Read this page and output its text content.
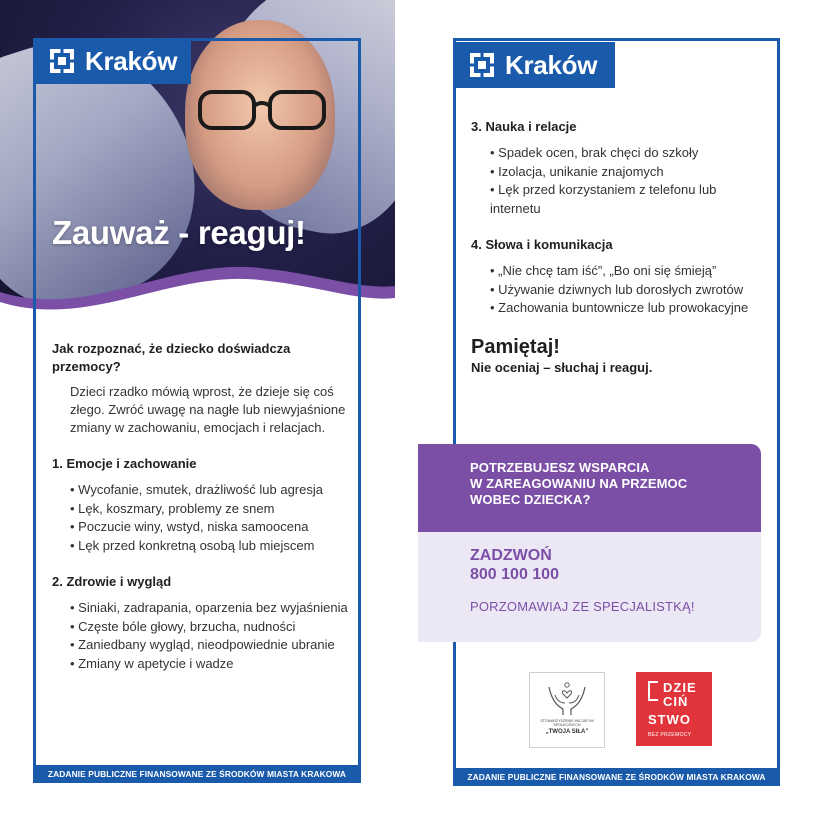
Kraków
Zauważ - reaguj!
Jak rozpoznać, że dziecko doświadcza przemocy?

Dzieci rzadko mówią wprost, że dzieje się coś złego. Zwróć uwagę na nagłe lub niewyjaśnione zmiany w zachowaniu, emocjach i relacjach.

1. Emocje i zachowanie
• Wycofanie, smutek, drażliwość lub agresja
• Lęk, koszmary, problemy ze snem
• Poczucie winy, wstyd, niska samoocena
• Lęk przed konkretną osobą lub miejscem
2. Zdrowie i wygląd
• Siniaki, zadrapania, oparzenia bez wyjaśnienia
• Częste bóle głowy, brzucha, nudności
• Zaniedbany wygląd, nieodpowiednie ubranie
• Zmiany w apetycie i wadze
ZADANIE PUBLICZNE FINANSOWANE ZE ŚRODKÓW MIASTA KRAKOWA
Kraków
3. Nauka i relacje
• Spadek ocen, brak chęci do szkoły
• Izolacja, unikanie znajomych
• Lęk przed korzystaniem z telefonu lub internetu
4. Słowa i komunikacja
• „Nie chcę tam iść”, „Bo oni się śmieją”
• Używanie dziwnych lub dorosłych zwrotów
• Zachowania buntownicze lub prowokacyjne
Pamiętaj!
Nie oceniaj – słuchaj i reaguj.
POTRZEBUJESZ WSPARCIA
W ZAREAGOWANIU NA PRZEMOC
WOBEC DZIECKA?
ZADZWOŃ
800 100 100
PORZOMAWIAJ ZE SPECJALISTKĄ!
STOWARZYSZENIE INICJATYW SPOŁECZNYCH
„TWOJA SIŁA”
DZIE
CIŃ
STWO
BEZ PRZEMOCY
ZADANIE PUBLICZNE FINANSOWANE ZE ŚRODKÓW MIASTA KRAKOWA
